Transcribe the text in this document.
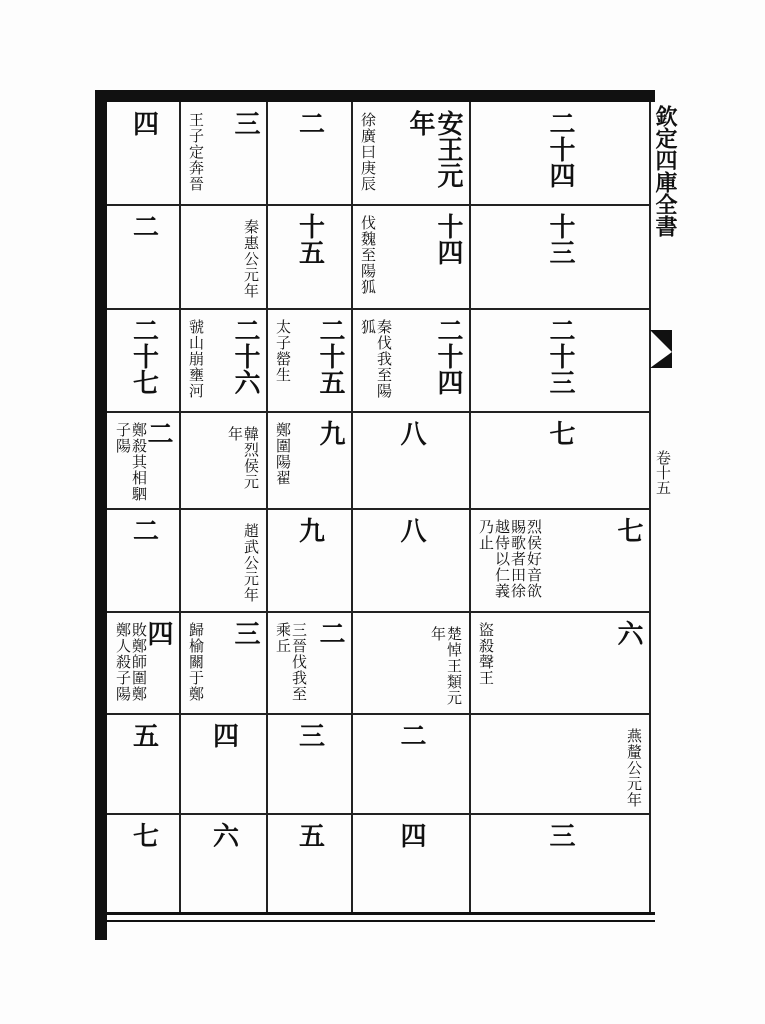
二十四
安王元年
徐廣曰庚辰
二
三
王子定奔晉
四
十三
十四
伐魏至陽狐
十五
秦惠公元年
二
二十三
二十四
秦伐我至陽狐
二十五
太子罃生
二十六
虢山崩壅河
二十七
七
八
九
鄭圍陽翟
韓烈侯元年
二
鄭殺其相駟子陽
七
烈侯好音欲賜歌者田徐越侍以仁義乃止
八
九
趙武公元年
二
六
盜殺聲王
楚悼王類元年
二
三晉伐我至乘丘
三
歸榆關于鄭
四
敗鄭師圍鄭鄭人殺子陽
燕釐公元年
二
三
四
五
三
四
五
六
七
欽定四庫全書
卷十五
